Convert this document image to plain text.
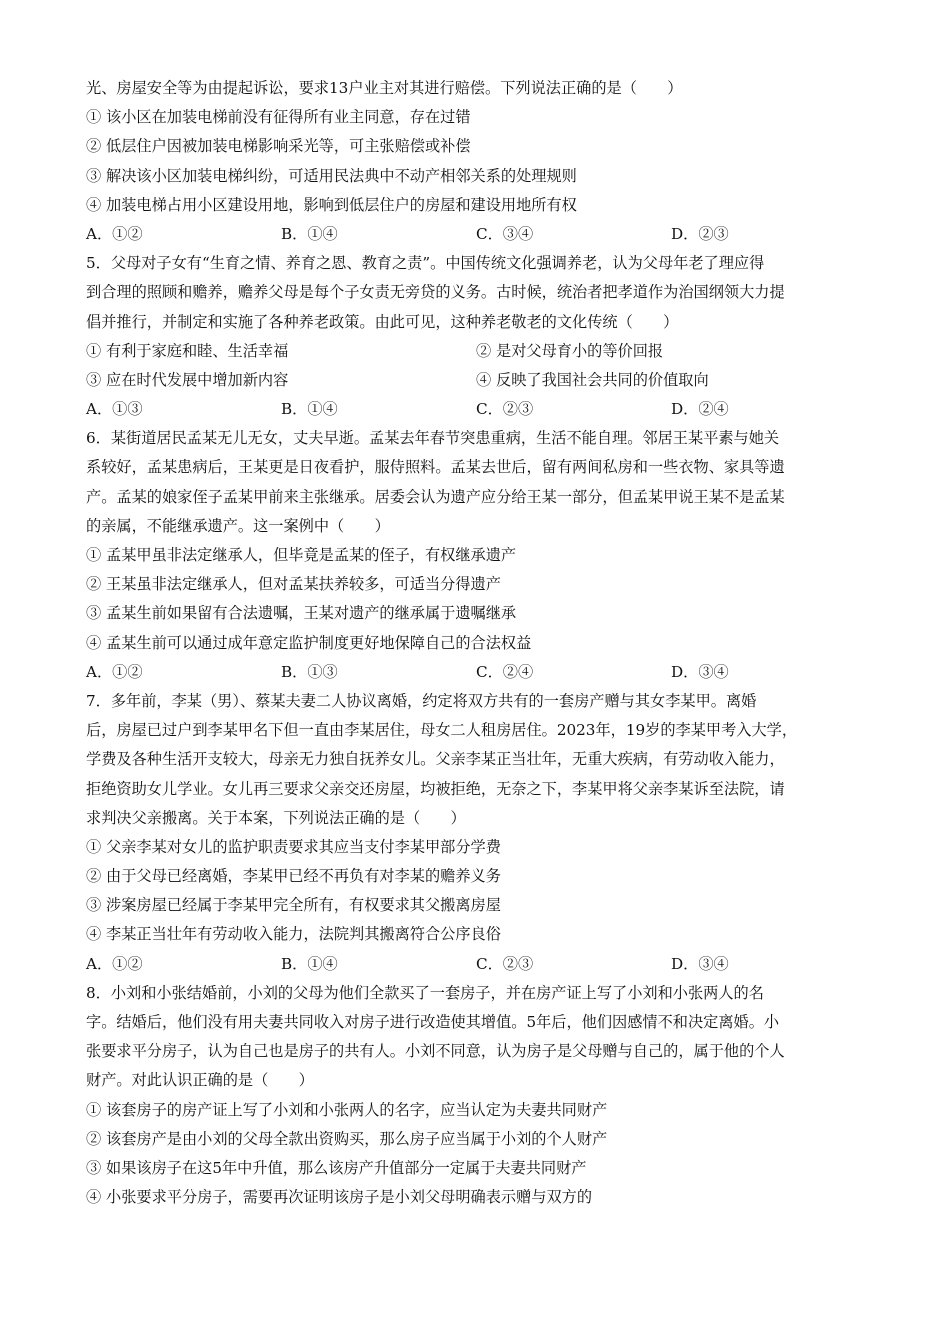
光、房屋安全等为由提起诉讼，要求13户业主对其进行赔偿。下列说法正确的是（　　）
① 该小区在加装电梯前没有征得所有业主同意，存在过错
② 低层住户因被加装电梯影响采光等，可主张赔偿或补偿
③ 解决该小区加装电梯纠纷，可适用民法典中不动产相邻关系的处理规则
④ 加装电梯占用小区建设用地，影响到低层住户的房屋和建设用地所有权
A．①②	B．①④	C．③④	D．②③
5．父母对子女有“生育之情、养育之恩、教育之责”。中国传统文化强调养老，认为父母年老了理应得
到合理的照顾和赡养，赡养父母是每个子女责无旁贷的义务。古时候，统治者把孝道作为治国纲领大力提
倡并推行，并制定和实施了各种养老政策。由此可见，这种养老敬老的文化传统（　　）
① 有利于家庭和睦、生活幸福	② 是对父母育小的等价回报
③ 应在时代发展中增加新内容	④ 反映了我国社会共同的价值取向
A．①③	B．①④	C．②③	D．②④
6．某街道居民孟某无儿无女，丈夫早逝。孟某去年春节突患重病，生活不能自理。邻居王某平素与她关
系较好，孟某患病后，王某更是日夜看护，服侍照料。孟某去世后，留有两间私房和一些衣物、家具等遗
产。孟某的娘家侄子孟某甲前来主张继承。居委会认为遗产应分给王某一部分，但孟某甲说王某不是孟某
的亲属，不能继承遗产。这一案例中（　　）
① 孟某甲虽非法定继承人，但毕竟是孟某的侄子，有权继承遗产
② 王某虽非法定继承人，但对孟某扶养较多，可适当分得遗产
③ 孟某生前如果留有合法遗嘱，王某对遗产的继承属于遗嘱继承
④ 孟某生前可以通过成年意定监护制度更好地保障自己的合法权益
A．①②	B．①③	C．②④	D．③④
7．多年前，李某（男）、蔡某夫妻二人协议离婚，约定将双方共有的一套房产赠与其女李某甲。离婚
后，房屋已过户到李某甲名下但一直由李某居住，母女二人租房居住。2023年，19岁的李某甲考入大学，
学费及各种生活开支较大，母亲无力独自抚养女儿。父亲李某正当壮年，无重大疾病，有劳动收入能力，
拒绝资助女儿学业。女儿再三要求父亲交还房屋，均被拒绝，无奈之下，李某甲将父亲李某诉至法院，请
求判决父亲搬离。关于本案，下列说法正确的是（　　）
① 父亲李某对女儿的监护职责要求其应当支付李某甲部分学费
② 由于父母已经离婚，李某甲已经不再负有对李某的赡养义务
③ 涉案房屋已经属于李某甲完全所有，有权要求其父搬离房屋
④ 李某正当壮年有劳动收入能力，法院判其搬离符合公序良俗
A．①②	B．①④	C．②③	D．③④
8．小刘和小张结婚前，小刘的父母为他们全款买了一套房子，并在房产证上写了小刘和小张两人的名
字。结婚后，他们没有用夫妻共同收入对房子进行改造使其增值。5年后，他们因感情不和决定离婚。小
张要求平分房子，认为自己也是房子的共有人。小刘不同意，认为房子是父母赠与自己的，属于他的个人
财产。对此认识正确的是（　　）
① 该套房子的房产证上写了小刘和小张两人的名字，应当认定为夫妻共同财产
② 该套房产是由小刘的父母全款出资购买，那么房子应当属于小刘的个人财产
③ 如果该房子在这5年中升值，那么该房产升值部分一定属于夫妻共同财产
④ 小张要求平分房子，需要再次证明该房子是小刘父母明确表示赠与双方的
